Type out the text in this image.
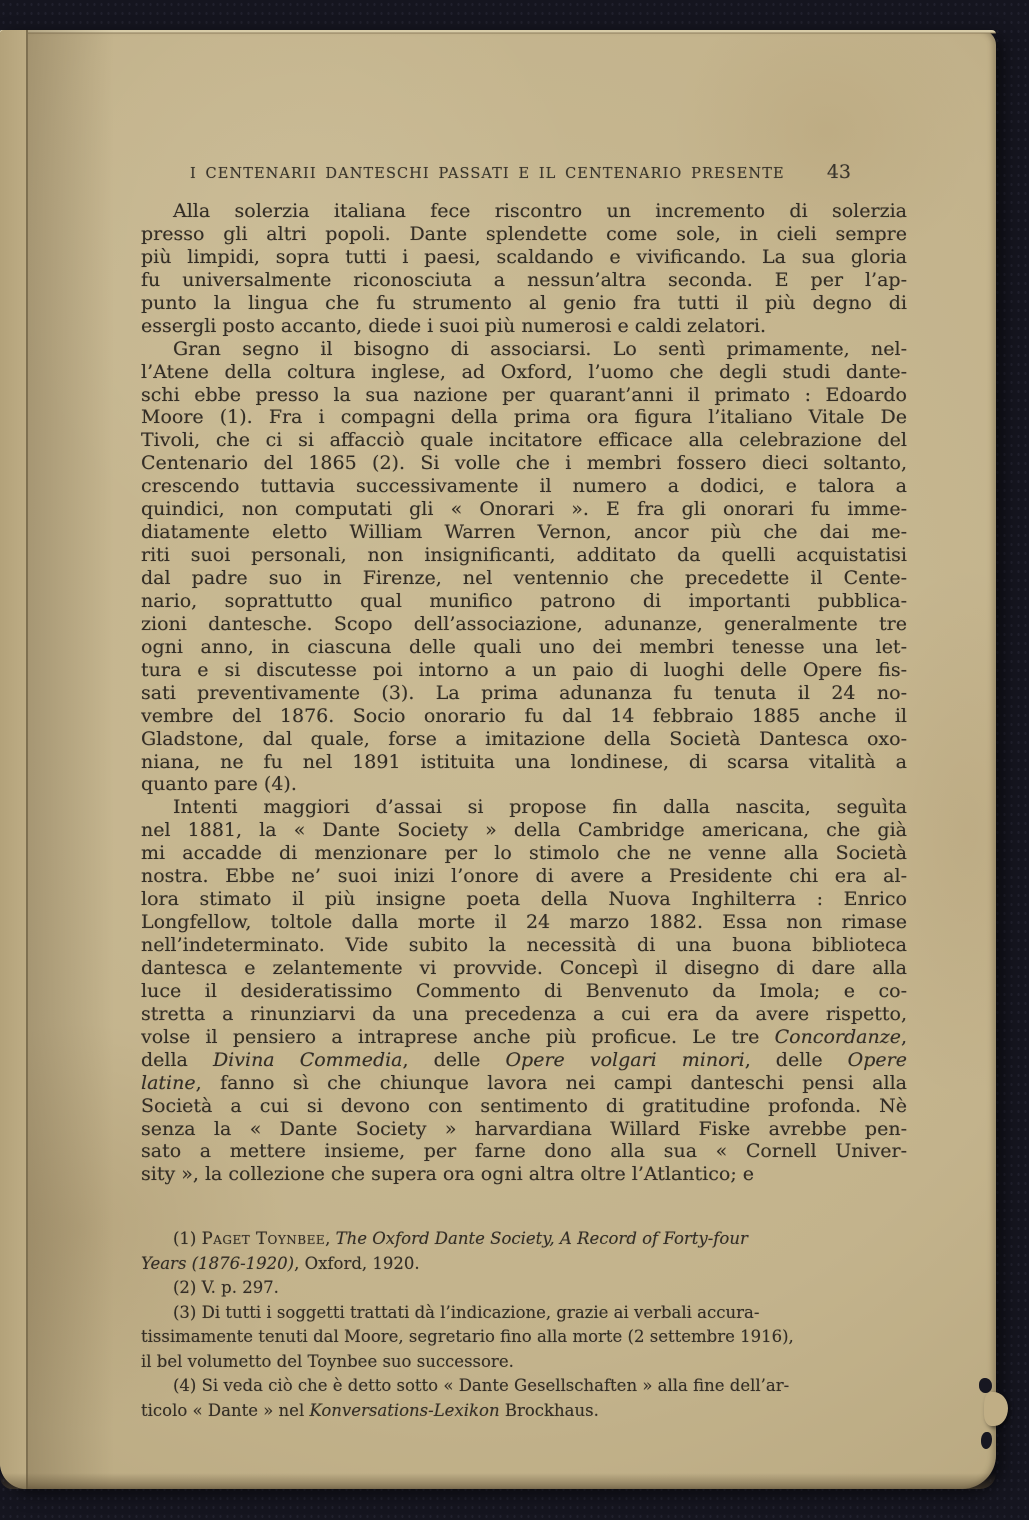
I CENTENARII DANTESCHI PASSATI E IL CENTENARIO PRESENTE 43
Alla solerzia italiana fece riscontro un incremento di solerzia
presso gli altri popoli. Dante splendette come sole, in cieli sempre
più limpidi, sopra tutti i paesi, scaldando e vivificando. La sua gloria
fu universalmente riconosciuta a nessun’altra seconda. E per l’ap-
punto la lingua che fu strumento al genio fra tutti il più degno di
essergli posto accanto, diede i suoi più numerosi e caldi zelatori.
Gran segno il bisogno di associarsi. Lo sentì primamente, nel-
l’Atene della coltura inglese, ad Oxford, l’uomo che degli studi dante-
schi ebbe presso la sua nazione per quarant’anni il primato : Edoardo
Moore (1). Fra i compagni della prima ora figura l’italiano Vitale De
Tivoli, che ci si affacciò quale incitatore efficace alla celebrazione del
Centenario del 1865 (2). Si volle che i membri fossero dieci soltanto,
crescendo tuttavia successivamente il numero a dodici, e talora a
quindici, non computati gli « Onorari ». E fra gli onorari fu imme-
diatamente eletto William Warren Vernon, ancor più che dai me-
riti suoi personali, non insignificanti, additato da quelli acquistatisi
dal padre suo in Firenze, nel ventennio che precedette il Cente-
nario, soprattutto qual munifico patrono di importanti pubblica-
zioni dantesche. Scopo dell’associazione, adunanze, generalmente tre
ogni anno, in ciascuna delle quali uno dei membri tenesse una let-
tura e si discutesse poi intorno a un paio di luoghi delle Opere fis-
sati preventivamente (3). La prima adunanza fu tenuta il 24 no-
vembre del 1876. Socio onorario fu dal 14 febbraio 1885 anche il
Gladstone, dal quale, forse a imitazione della Società Dantesca oxo-
niana, ne fu nel 1891 istituita una londinese, di scarsa vitalità a
quanto pare (4).
Intenti maggiori d’assai si propose fin dalla nascita, seguìta
nel 1881, la « Dante Society » della Cambridge americana, che già
mi accadde di menzionare per lo stimolo che ne venne alla Società
nostra. Ebbe ne’ suoi inizi l’onore di avere a Presidente chi era al-
lora stimato il più insigne poeta della Nuova Inghilterra : Enrico
Longfellow, toltole dalla morte il 24 marzo 1882. Essa non rimase
nell’indeterminato. Vide subito la necessità di una buona biblioteca
dantesca e zelantemente vi provvide. Concepì il disegno di dare alla
luce il desideratissimo Commento di Benvenuto da Imola; e co-
stretta a rinunziarvi da una precedenza a cui era da avere rispetto,
volse il pensiero a intraprese anche più proficue. Le tre Concordanze,
della Divina Commedia, delle Opere volgari minori, delle Opere
latine, fanno sì che chiunque lavora nei campi danteschi pensi alla
Società a cui si devono con sentimento di gratitudine profonda. Nè
senza la « Dante Society » harvardiana Willard Fiske avrebbe pen-
sato a mettere insieme, per farne dono alla sua « Cornell Univer-
sity », la collezione che supera ora ogni altra oltre l’Atlantico; e
(1) Paget Toynbee, The Oxford Dante Society, A Record of Forty-four
Years (1876-1920), Oxford, 1920.
(2) V. p. 297.
(3) Di tutti i soggetti trattati dà l’indicazione, grazie ai verbali accura-
tissimamente tenuti dal Moore, segretario fino alla morte (2 settembre 1916),
il bel volumetto del Toynbee suo successore.
(4) Si veda ciò che è detto sotto « Dante Gesellschaften » alla fine dell’ar-
ticolo « Dante » nel Konversations-Lexikon Brockhaus.
